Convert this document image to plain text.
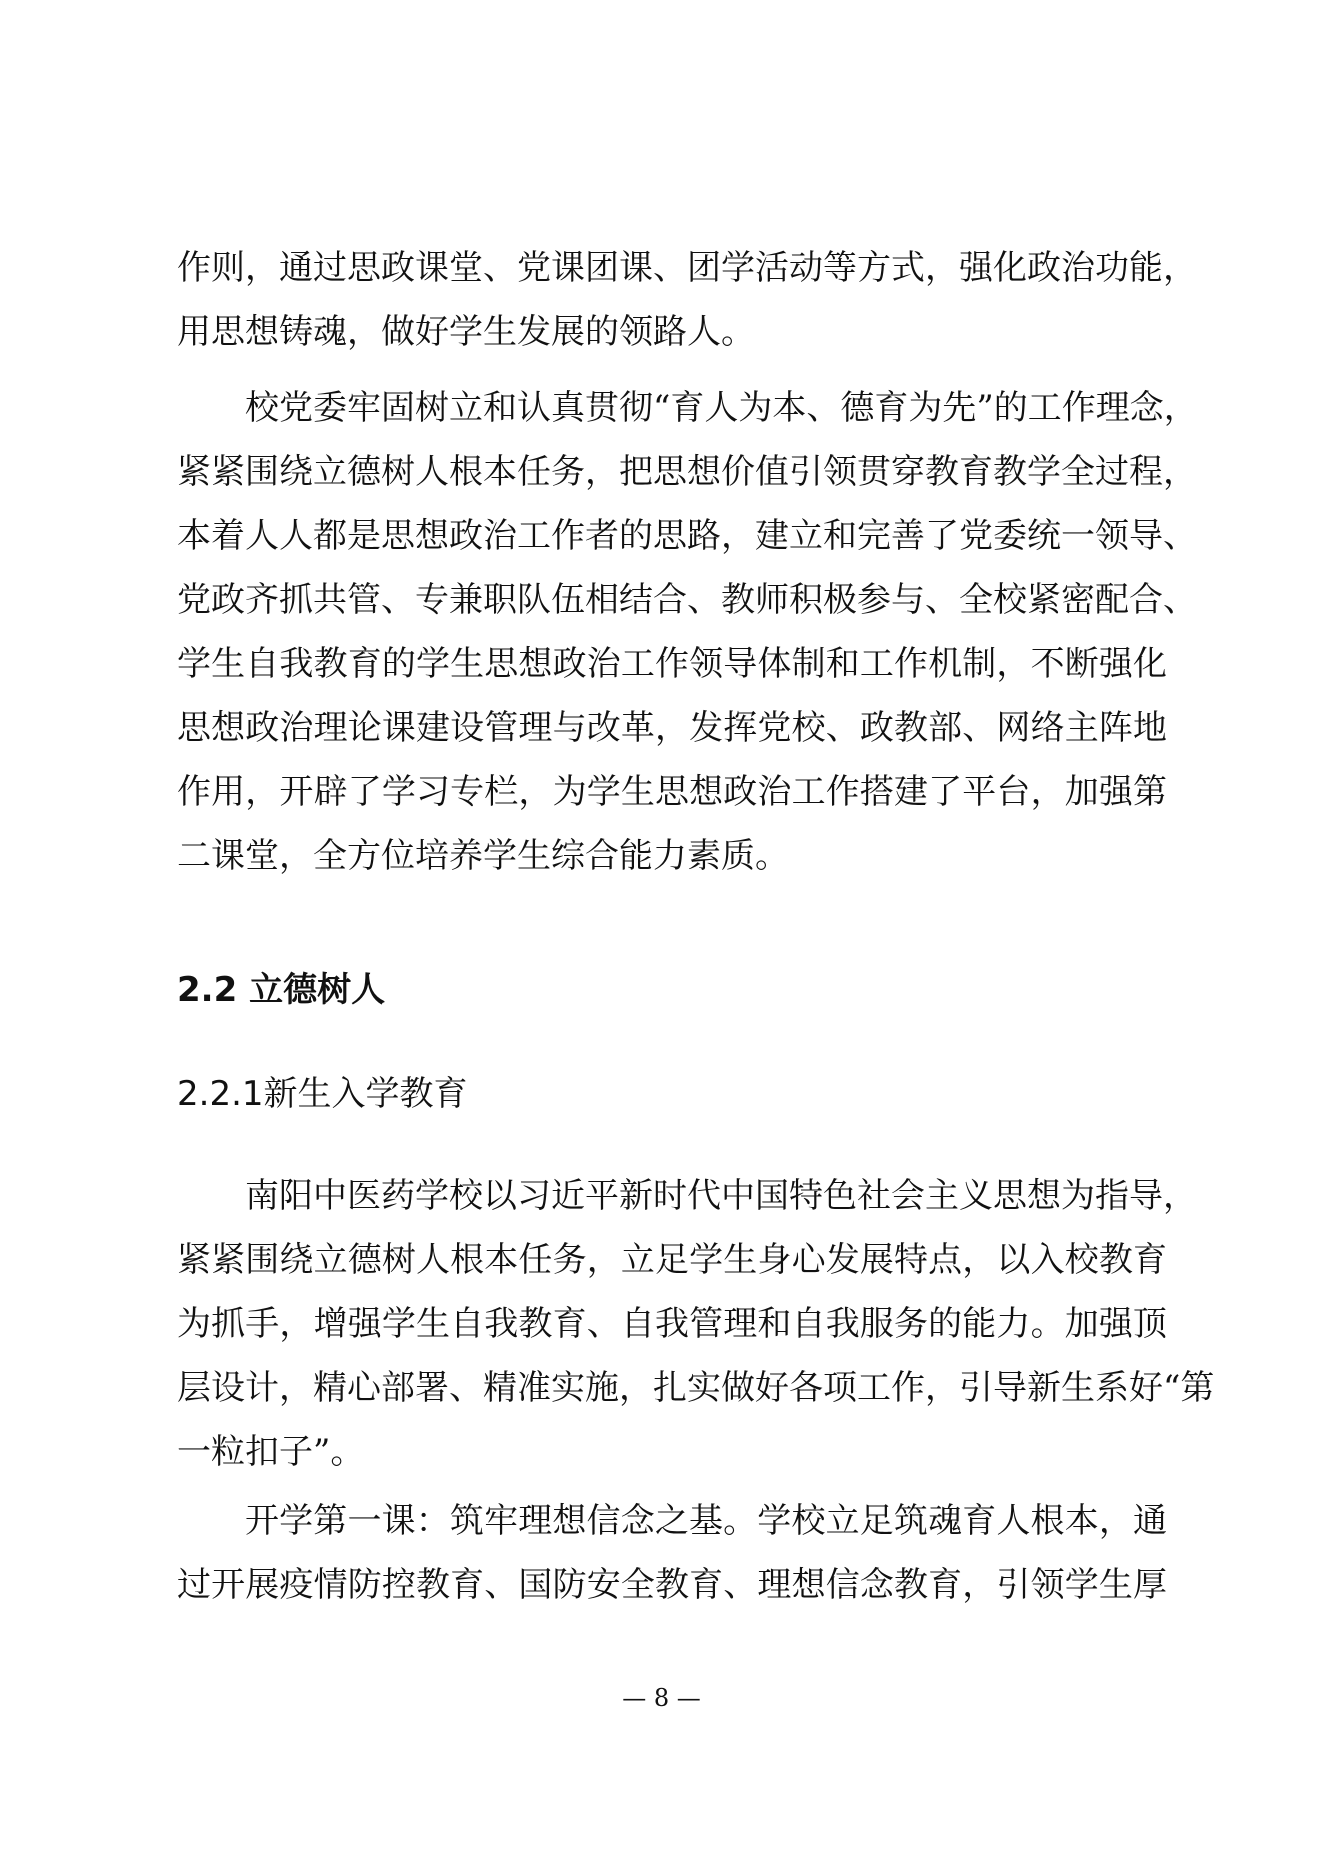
作则，通过思政课堂、党课团课、团学活动等方式，强化政治功能，
用思想铸魂，做好学生发展的领路人。
校党委牢固树立和认真贯彻“育人为本、德育为先”的工作理念，
紧紧围绕立德树人根本任务，把思想价值引领贯穿教育教学全过程，
本着人人都是思想政治工作者的思路，建立和完善了党委统一领导、
党政齐抓共管、专兼职队伍相结合、教师积极参与、全校紧密配合、
学生自我教育的学生思想政治工作领导体制和工作机制，不断强化
思想政治理论课建设管理与改革，发挥党校、政教部、网络主阵地
作用，开辟了学习专栏，为学生思想政治工作搭建了平台，加强第
二课堂，全方位培养学生综合能力素质。
2.2 立德树人
2.2.1新生入学教育
南阳中医药学校以习近平新时代中国特色社会主义思想为指导，
紧紧围绕立德树人根本任务，立足学生身心发展特点，以入校教育
为抓手，增强学生自我教育、自我管理和自我服务的能力。加强顶
层设计，精心部署、精准实施，扎实做好各项工作，引导新生系好“第
一粒扣子”。
开学第一课：筑牢理想信念之基。学校立足筑魂育人根本，通
过开展疫情防控教育、国防安全教育、理想信念教育，引领学生厚
— 8 —
